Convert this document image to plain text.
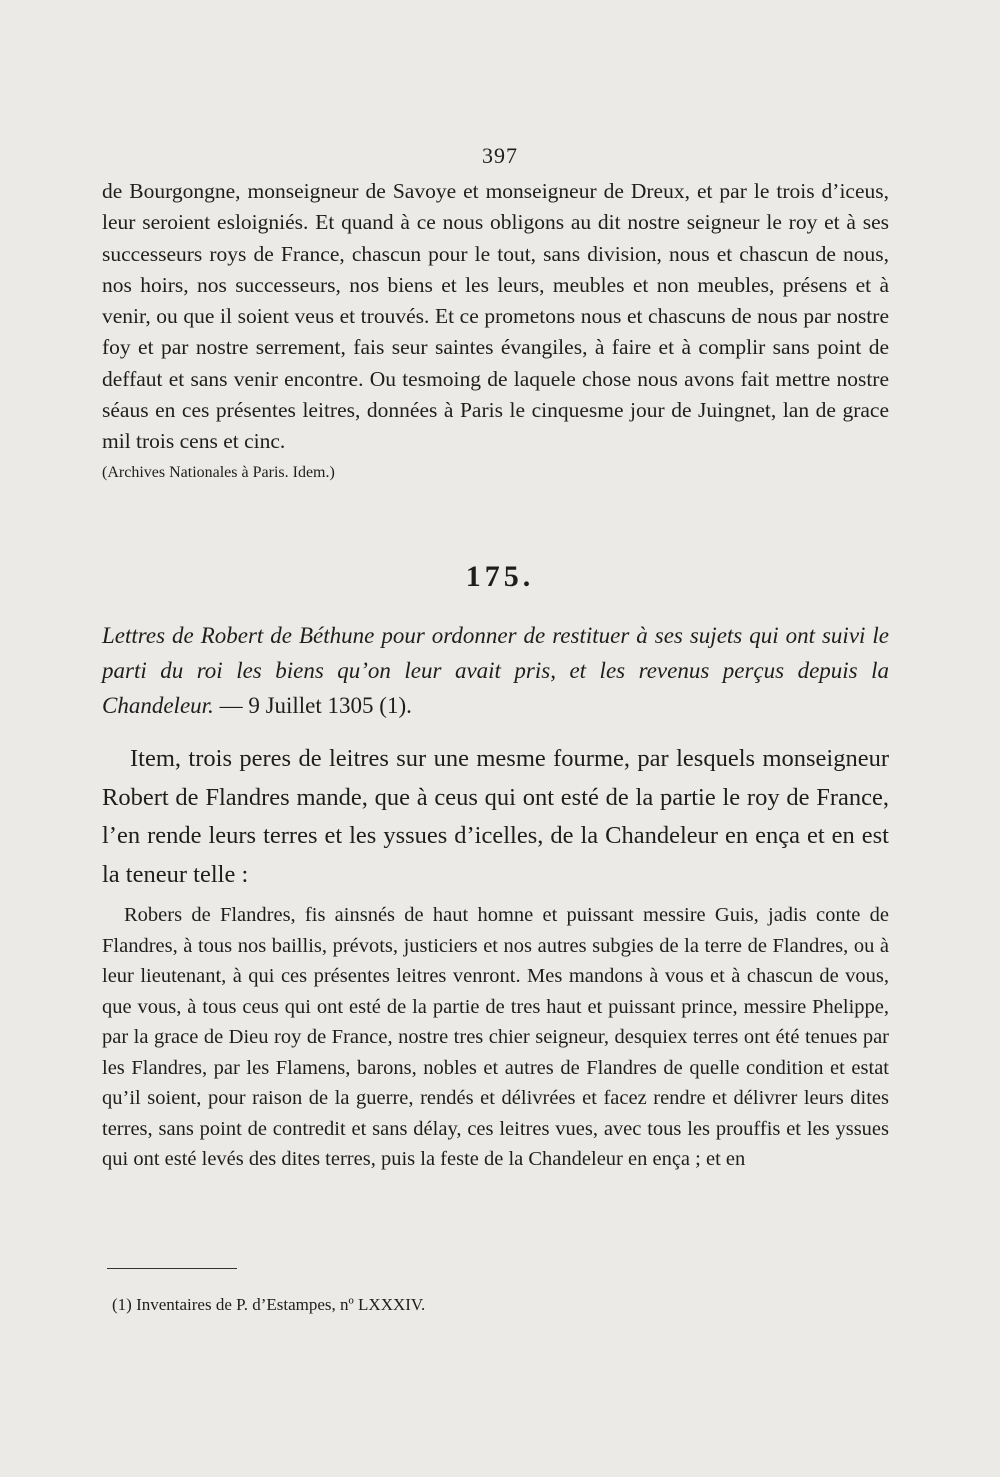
397
de Bourgongne, monseigneur de Savoye et monseigneur de Dreux, et par le trois d’iceus, leur seroient esloigniés. Et quand à ce nous obligons au dit nostre seigneur le roy et à ses successeurs roys de France, chascun pour le tout, sans division, nous et chascun de nous, nos hoirs, nos successeurs, nos biens et les leurs, meubles et non meubles, présens et à venir, ou que il soient veus et trouvés. Et ce prometons nous et chascuns de nous par nostre foy et par nostre serrement, fais seur saintes évangiles, à faire et à complir sans point de deffaut et sans venir encontre. Ou tesmoing de laquele chose nous avons fait mettre nostre séaus en ces présentes leitres, données à Paris le cinquesme jour de Juingnet, lan de grace mil trois cens et cinc.
(Archives Nationales à Paris. Idem.)
175.
Lettres de Robert de Béthune pour ordonner de restituer à ses sujets qui ont suivi le parti du roi les biens qu’on leur avait pris, et les revenus perçus depuis la Chandeleur. — 9 Juillet 1305 (1).
Item, trois peres de leitres sur une mesme fourme, par lesquels monseigneur Robert de Flandres mande, que à ceus qui ont esté de la partie le roy de France, l’en rende leurs terres et les yssues d’icelles, de la Chandeleur en ença et en est la teneur telle :
Robers de Flandres, fis ainsnés de haut homne et puissant messire Guis, jadis conte de Flandres, à tous nos baillis, prévots, justiciers et nos autres subgies de la terre de Flandres, ou à leur lieutenant, à qui ces présentes leitres venront. Mes mandons à vous et à chascun de vous, que vous, à tous ceus qui ont esté de la partie de tres haut et puissant prince, messire Phelippe, par la grace de Dieu roy de France, nostre tres chier seigneur, desquiex terres ont été tenues par les Flandres, par les Flamens, barons, nobles et autres de Flandres de quelle condition et estat qu’il soient, pour raison de la guerre, rendés et délivrées et facez rendre et délivrer leurs dites terres, sans point de contredit et sans délay, ces leitres vues, avec tous les prouffis et les yssues qui ont esté levés des dites terres, puis la feste de la Chandeleur en ença ; et en
(1) Inventaires de P. d’Estampes, nº LXXXIV.
